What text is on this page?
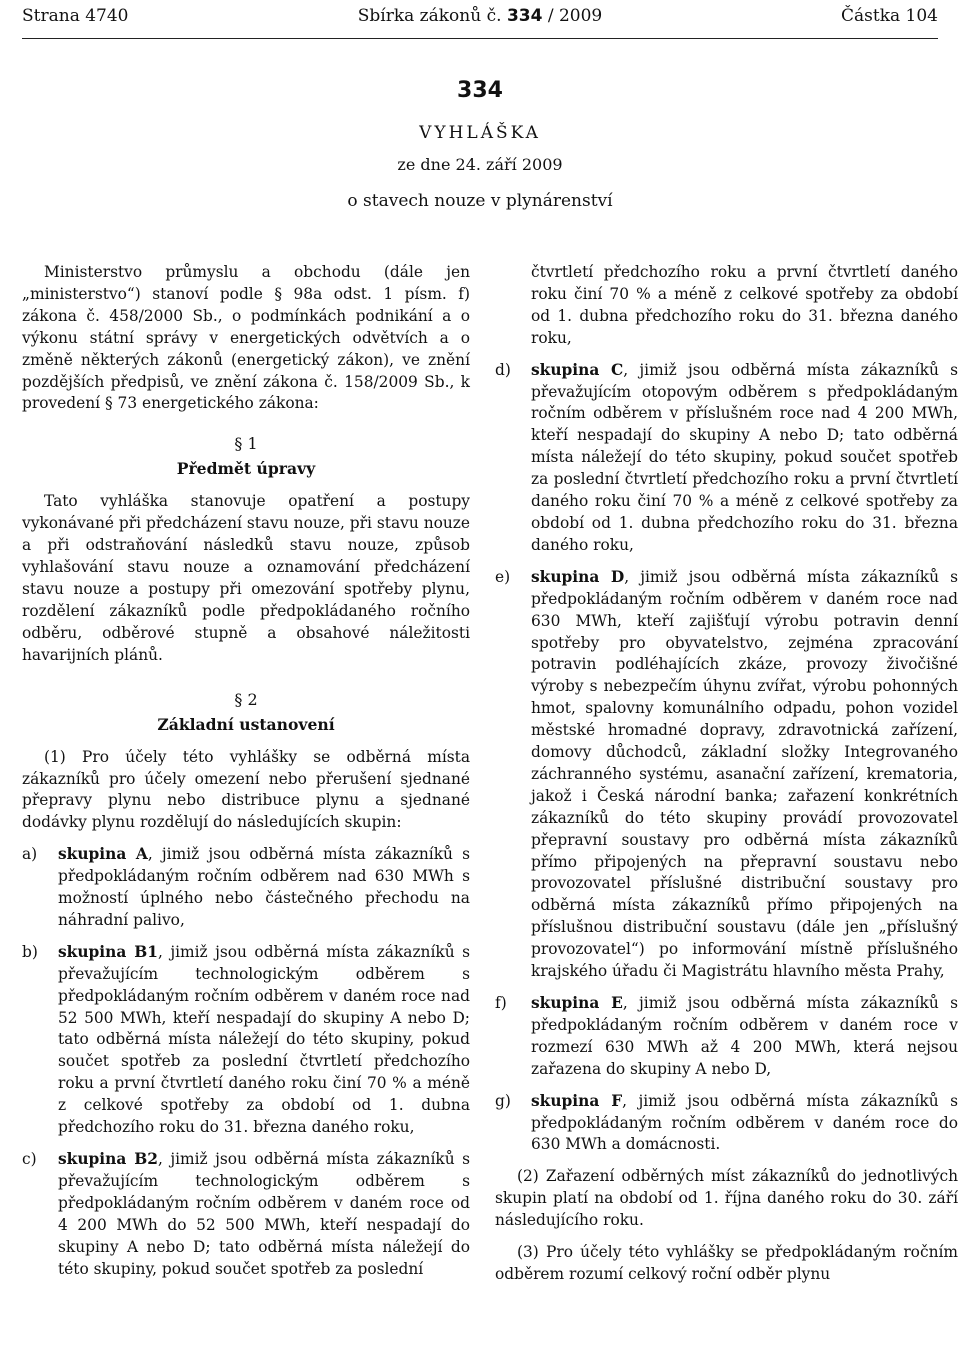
Strana 4740	Sbírka zákonů č. 334 / 2009	Částka 104
334
VYHLÁŠKA
ze dne 24. září 2009
o stavech nouze v plynárenství

Ministerstvo průmyslu a obchodu (dále jen „ministerstvo“) stanoví podle § 98a odst. 1 písm. f) zákona č. 458/2000 Sb., o podmínkách podnikání a o výkonu státní správy v energetických odvětvích a o změně některých zákonů (energetický zákon), ve znění pozdějších předpisů, ve znění zákona č. 158/2009 Sb., k provedení § 73 energetického zákona:

§ 1
Předmět úpravy

Tato vyhláška stanovuje opatření a postupy vykonávané při předcházení stavu nouze, při stavu nouze a při odstraňování následků stavu nouze, způsob vyhlašování stavu nouze a oznamování předcházení stavu nouze a postupy při omezování spotřeby plynu, rozdělení zákazníků podle předpokládaného ročního odběru, odběrové stupně a obsahové náležitosti havarijních plánů.

§ 2
Základní ustanovení

(1) Pro účely této vyhlášky se odběrná místa zákazníků pro účely omezení nebo přerušení sjednané přepravy plynu nebo distribuce plynu a sjednané dodávky plynu rozdělují do následujících skupin:

a)	skupina A, jimiž jsou odběrná místa zákazníků s předpokládaným ročním odběrem nad 630 MWh s možností úplného nebo částečného přechodu na náhradní palivo,
b)	skupina B1, jimiž jsou odběrná místa zákazníků s převažujícím technologickým odběrem s předpokládaným ročním odběrem v daném roce nad 52 500 MWh, kteří nespadají do skupiny A nebo D; tato odběrná místa náležejí do této skupiny, pokud součet spotřeb za poslední čtvrtletí předchozího roku a první čtvrtletí daného roku činí 70 % a méně z celkové spotřeby za období od 1. dubna předchozího roku do 31. března daného roku,
c)	skupina B2, jimiž jsou odběrná místa zákazníků s převažujícím technologickým odběrem s předpokládaným ročním odběrem v daném roce od 4 200 MWh do 52 500 MWh, kteří nespadají do skupiny A nebo D; tato odběrná místa náležejí do této skupiny, pokud součet spotřeb za poslední

čtvrtletí předchozího roku a první čtvrtletí daného roku činí 70 % a méně z celkové spotřeby za období od 1. dubna předchozího roku do 31. března daného roku,

d)	skupina C, jimiž jsou odběrná místa zákazníků s převažujícím otopovým odběrem s předpokládaným ročním odběrem v příslušném roce nad 4 200 MWh, kteří nespadají do skupiny A nebo D; tato odběrná místa náležejí do této skupiny, pokud součet spotřeb za poslední čtvrtletí předchozího roku a první čtvrtletí daného roku činí 70 % a méně z celkové spotřeby za období od 1. dubna předchozího roku do 31. března daného roku,
e)	skupina D, jimiž jsou odběrná místa zákazníků s předpokládaným ročním odběrem v daném roce nad 630 MWh, kteří zajišťují výrobu potravin denní spotřeby pro obyvatelstvo, zejména zpracování potravin podléhajících zkáze, provozy živočišné výroby s nebezpečím úhynu zvířat, výrobu pohonných hmot, spalovny komunálního odpadu, pohon vozidel městské hromadné dopravy, zdravotnická zařízení, domovy důchodců, základní složky Integrovaného záchranného systému, asanační zařízení, krematoria, jakož i Česká národní banka; zařazení konkrétních zákazníků do této skupiny provádí provozovatel přepravní soustavy pro odběrná místa zákazníků přímo připojených na přepravní soustavu nebo provozovatel příslušné distribuční soustavy pro odběrná místa zákazníků přímo připojených na příslušnou distribuční soustavu (dále jen „příslušný provozovatel“) po informování místně příslušného krajského úřadu či Magistrátu hlavního města Prahy,
f)	skupina E, jimiž jsou odběrná místa zákazníků s předpokládaným ročním odběrem v daném roce v rozmezí 630 MWh až 4 200 MWh, která nejsou zařazena do skupiny A nebo D,
g)	skupina F, jimiž jsou odběrná místa zákazníků s předpokládaným ročním odběrem v daném roce do 630 MWh a domácnosti.

(2) Zařazení odběrných míst zákazníků do jednotlivých skupin platí na období od 1. října daného roku do 30. září následujícího roku.

(3) Pro účely této vyhlášky se předpokládaným ročním odběrem rozumí celkový roční odběr plynu
